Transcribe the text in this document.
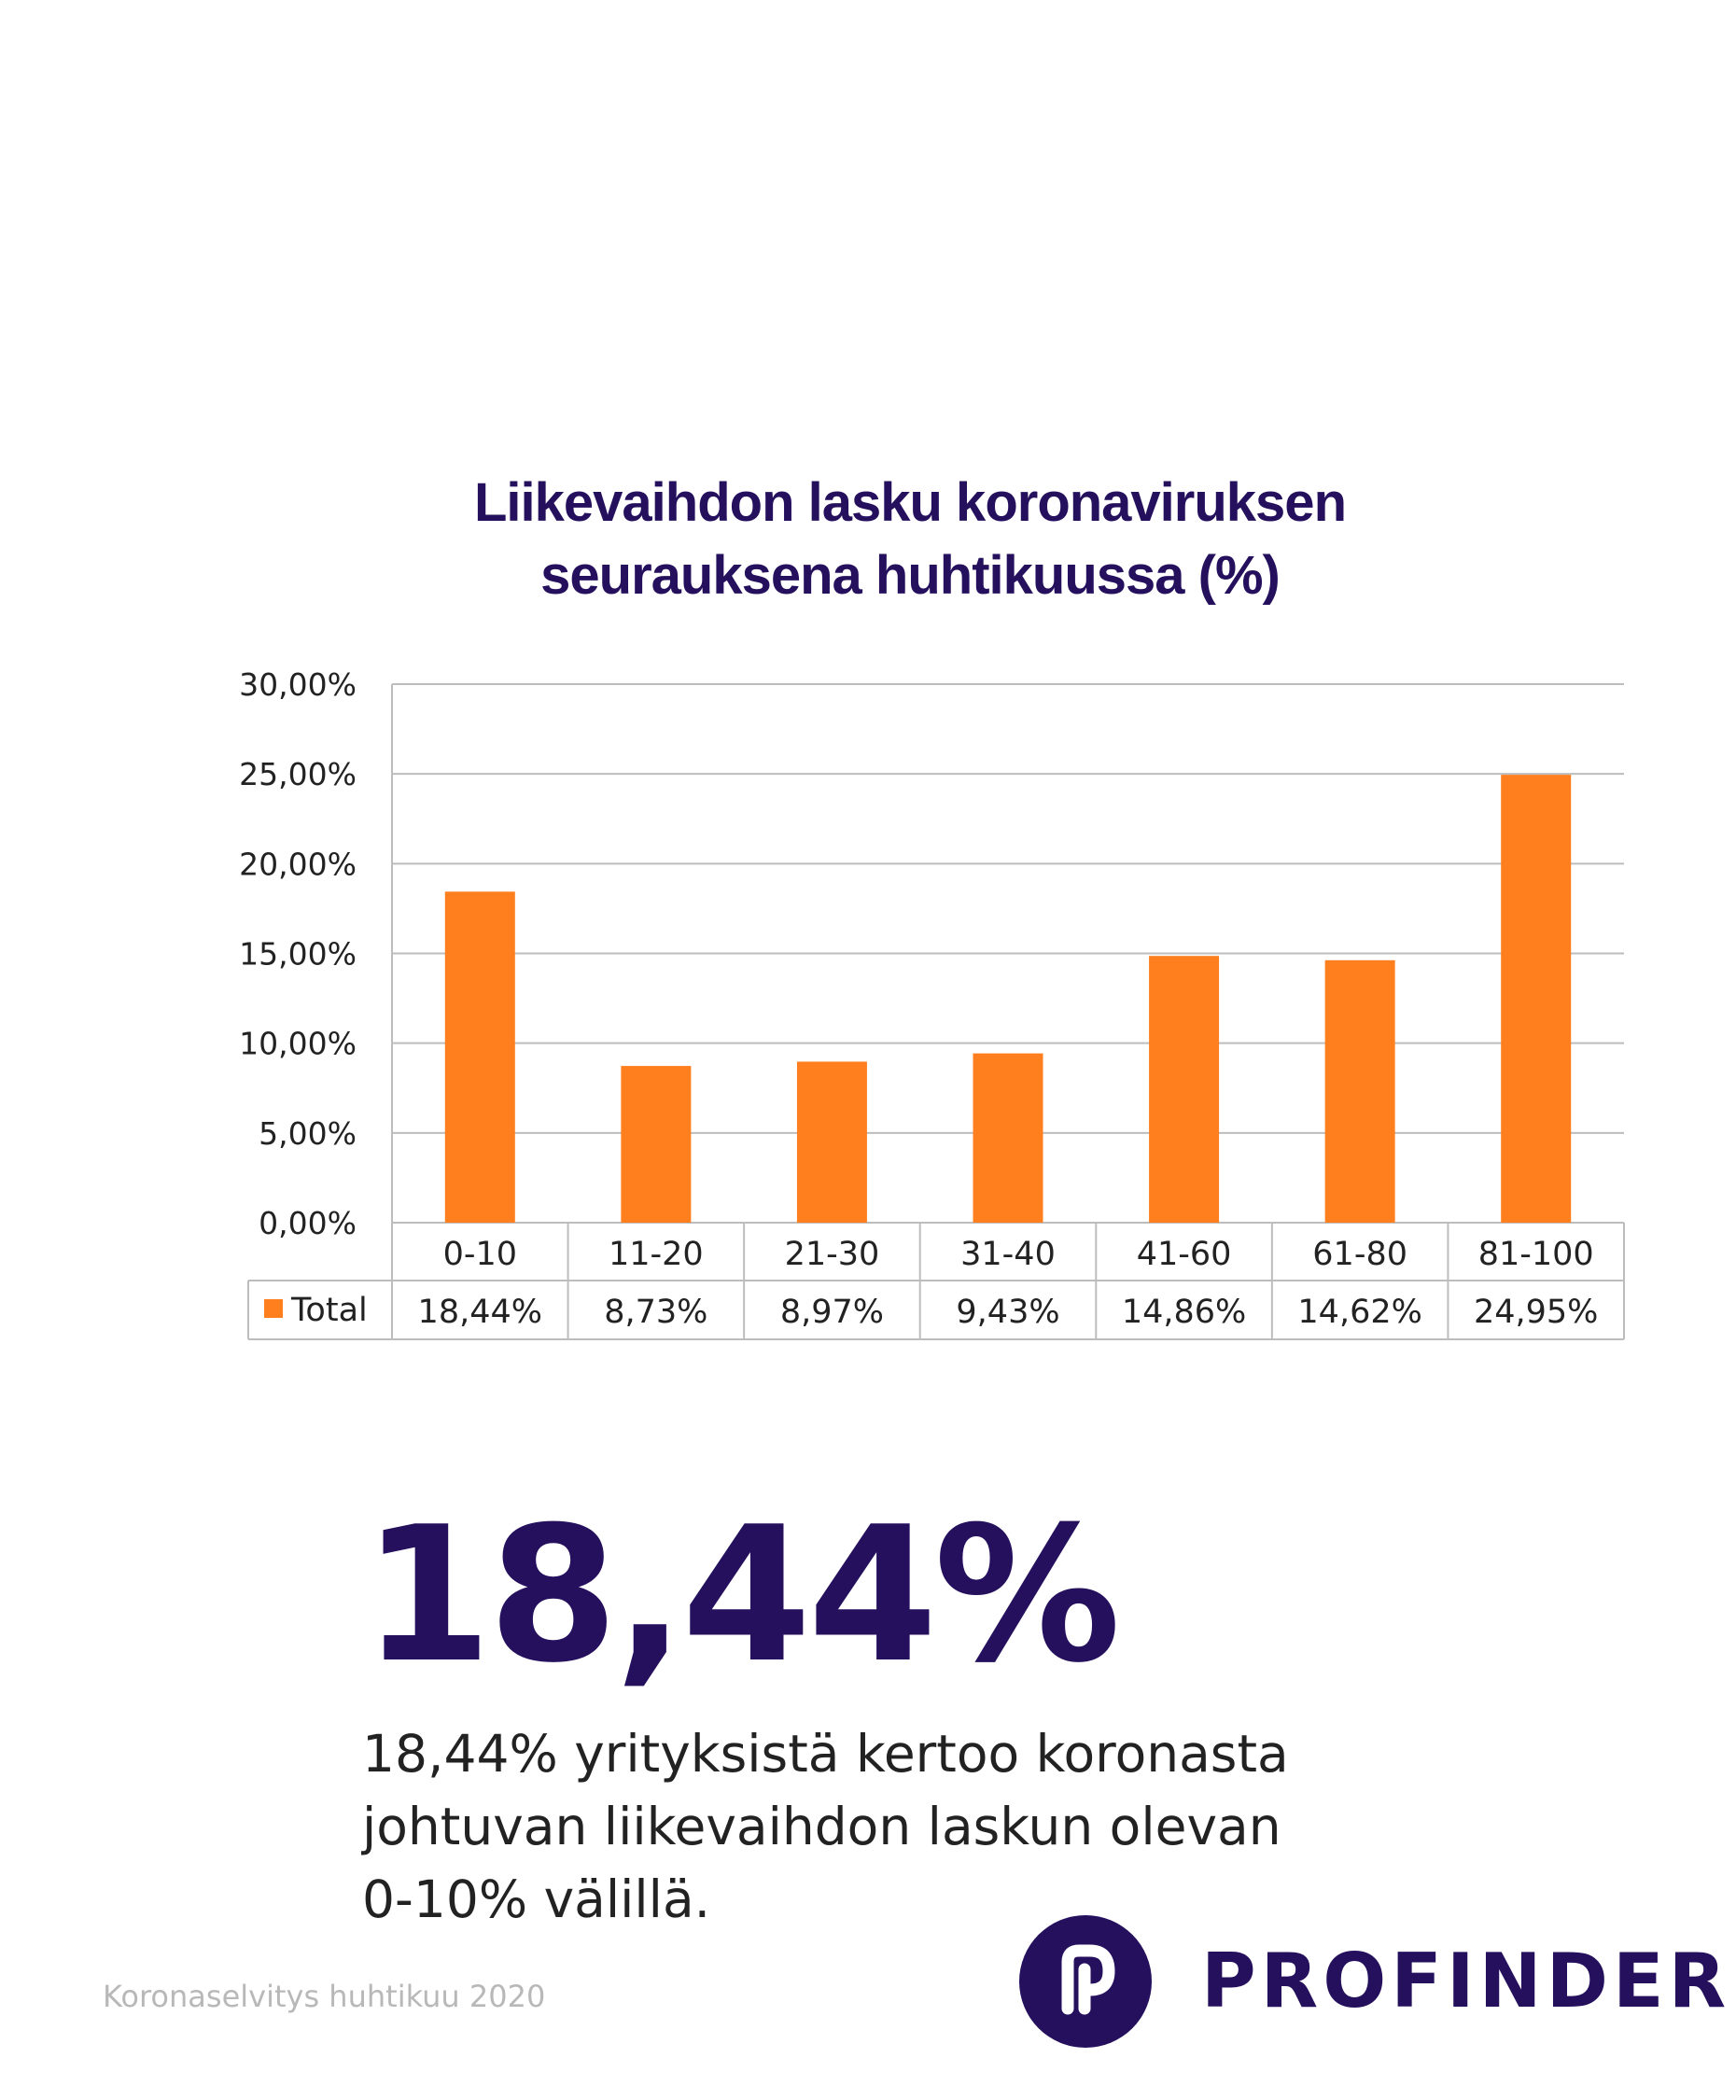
Liikevaihdon lasku koronaviruksen
seurauksena huhtikuussa (%)
0,00%
5,00%
10,00%
15,00%
20,00%
25,00%
30,00%
0-10
18,44%
11-20
8,73%
21-30
8,97%
31-40
9,43%
41-60
14,86%
61-80
14,62%
81-100
24,95%
Total
18,44%
18,44% yrityksistä kertoo koronasta
johtuvan liikevaihdon laskun olevan
0-10% välillä.
Koronaselvitys huhtikuu 2020	PROFINDER
